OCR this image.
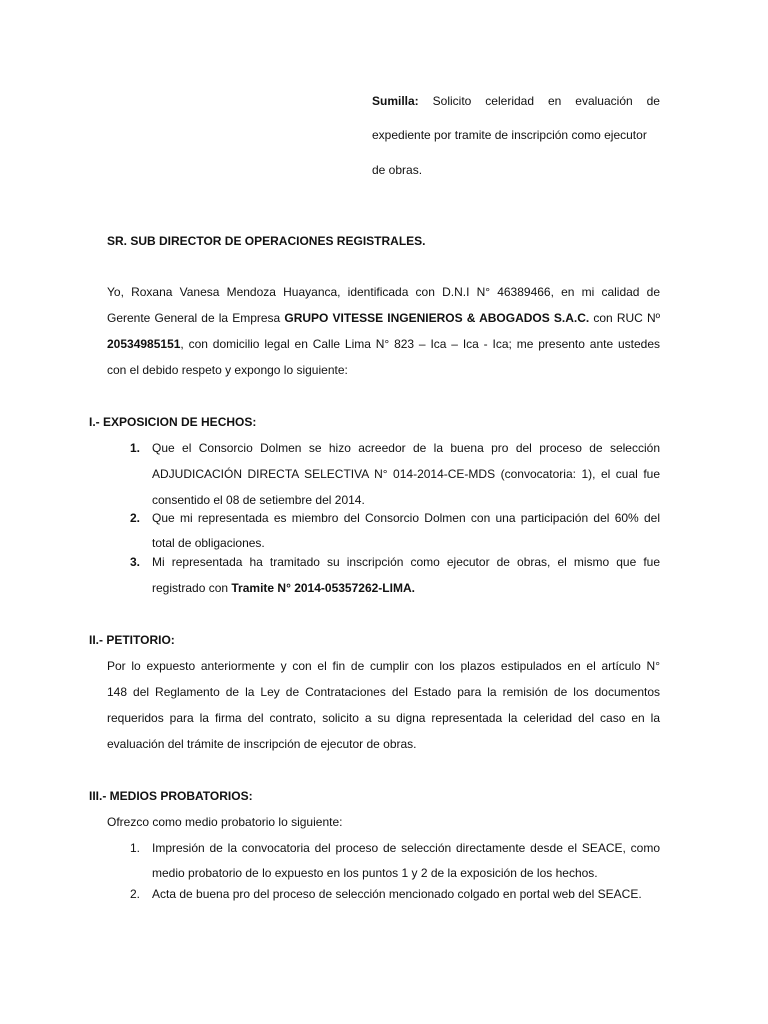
Sumilla: Solicito celeridad en evaluación de
expediente por tramite de inscripción como ejecutor
de obras.
SR. SUB DIRECTOR DE OPERACIONES REGISTRALES.
Yo, Roxana Vanesa Mendoza Huayanca, identificada con D.N.I N° 46389466, en mi calidad de
Gerente General de la Empresa GRUPO VITESSE INGENIEROS & ABOGADOS S.A.C. con RUC Nº
20534985151, con domicilio legal en Calle Lima N° 823 – Ica – Ica - Ica; me presento ante ustedes
con el debido respeto y expongo lo siguiente:
I.- EXPOSICION DE HECHOS:
1. Que el Consorcio Dolmen se hizo acreedor de la buena pro del proceso de selección
ADJUDICACIÓN DIRECTA SELECTIVA N° 014-2014-CE-MDS (convocatoria: 1), el cual fue
consentido el 08 de setiembre del 2014.
2. Que mi representada es miembro del Consorcio Dolmen con una participación del 60% del
total de obligaciones.
3. Mi representada ha tramitado su inscripción como ejecutor de obras, el mismo que fue
registrado con Tramite N° 2014-05357262-LIMA.
II.- PETITORIO:
Por lo expuesto anteriormente y con el fin de cumplir con los plazos estipulados en el artículo N°
148 del Reglamento de la Ley de Contrataciones del Estado para la remisión de los documentos
requeridos para la firma del contrato, solicito a su digna representada la celeridad del caso en la
evaluación del trámite de inscripción de ejecutor de obras.
III.- MEDIOS PROBATORIOS:
Ofrezco como medio probatorio lo siguiente:
1. Impresión de la convocatoria del proceso de selección directamente desde el SEACE, como
medio probatorio de lo expuesto en los puntos 1 y 2 de la exposición de los hechos.
2. Acta de buena pro del proceso de selección mencionado colgado en portal web del SEACE.
